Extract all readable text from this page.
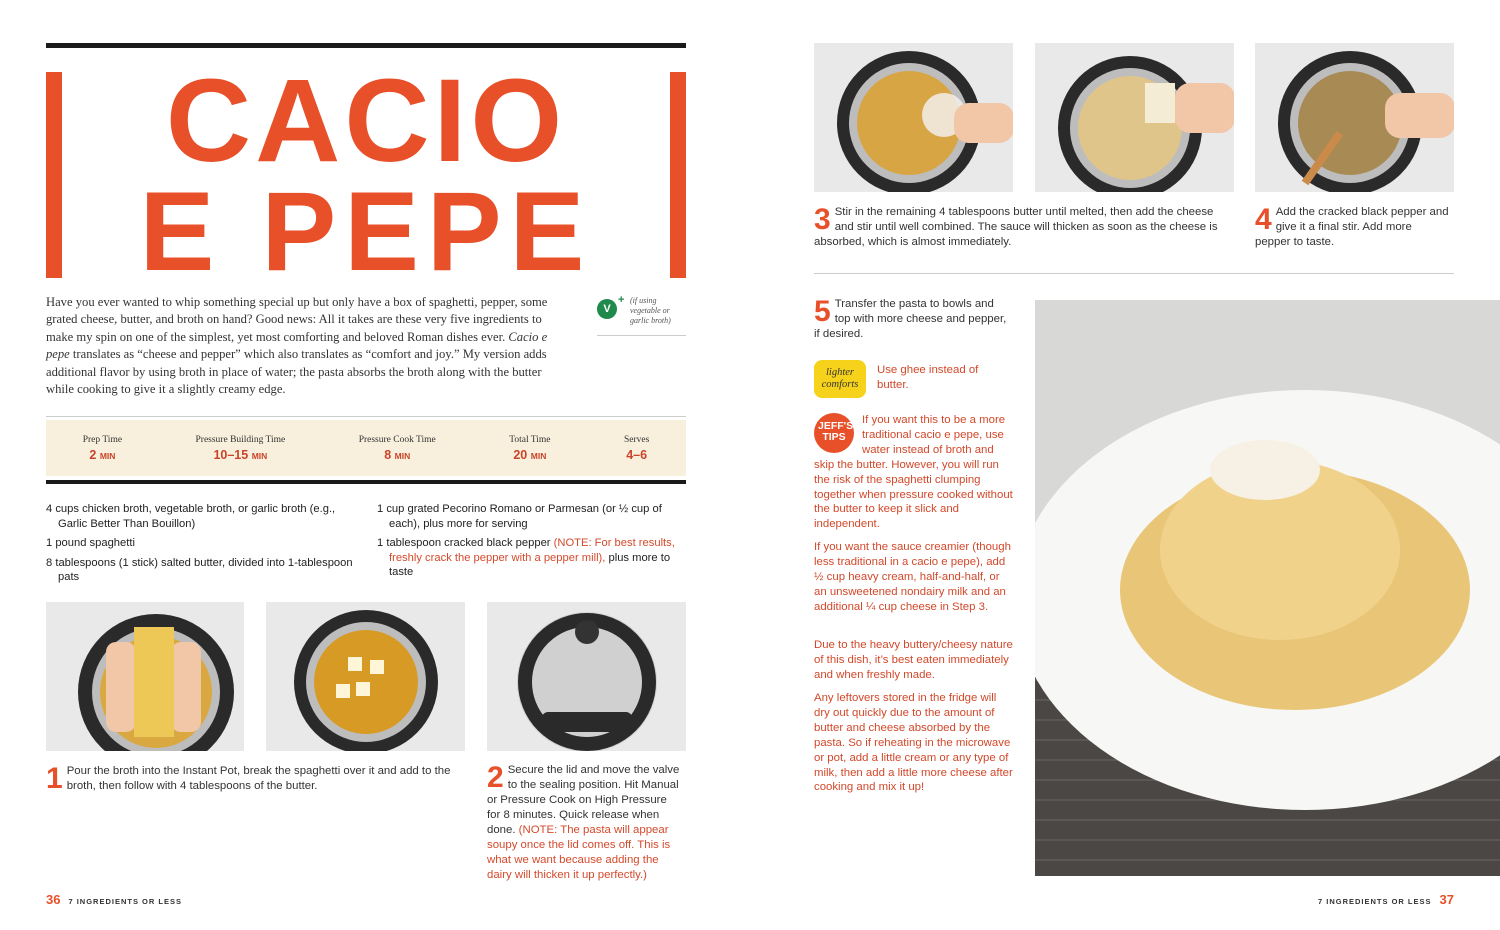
CACIO
E PEPE

Have you ever wanted to whip something special up but only have a box of spaghetti, pepper, some grated cheese, butter, and broth on hand? Good news: All it takes are these very five ingredients to make my spin on one of the simplest, yet most comforting and beloved Roman dishes ever. Cacio e pepe translates as “cheese and pepper” which also translates as “comfort and joy.” My version adds additional flavor by using broth in place of water; the pasta absorbs the broth along with the butter while cooking to give it a slightly creamy edge.

V
+ (if using vegetable or garlic broth)
Prep Time
2 MIN
Pressure Building Time
10–15 MIN
Pressure Cook Time
8 MIN
Total Time
20 MIN
Serves
4–6
4 cups chicken broth, vegetable broth, or garlic broth (e.g., Garlic Better Than Bouillon)
1 pound spaghetti
8 tablespoons (1 stick) salted butter, divided into 1-tablespoon pats
1 cup grated Pecorino Romano or Parmesan (or ½ cup of each), plus more for serving
1 tablespoon cracked black pepper (NOTE: For best results, freshly crack the pepper with a pepper mill), plus more to taste
1 Pour the broth into the Instant Pot, break the spaghetti over it and add to the broth, then follow with 4 tablespoons of the butter.	2 Secure the lid and move the valve to the sealing position. Hit Manual or Pressure Cook on High Pressure for 8 minutes. Quick release when done. (NOTE: The pasta will appear soupy once the lid comes off. This is what we want because adding the dairy will thicken it up perfectly.)
36 7 INGREDIENTS OR LESS
3 Stir in the remaining 4 tablespoons butter until melted, then add the cheese and stir until well combined. The sauce will thicken as soon as the cheese is absorbed, which is almost immediately.
4 Add the cracked black pepper and give it a final stir. Add more pepper to taste.
5 Transfer the pasta to bowls and top with more cheese and pepper, if desired.
lighter comforts
Use ghee instead of butter.
JEFF'S TIPS
If you want this to be a more traditional cacio e pepe, use water instead of broth and skip the butter. However, you will run the risk of the spaghetti clumping together when pressure cooked without the butter to keep it slick and independent.
If you want the sauce creamier (though less traditional in a cacio e pepe), add ½ cup heavy cream, half-and-half, or an unsweetened nondairy milk and an additional ¼ cup cheese in Step 3.
Due to the heavy buttery/cheesy nature of this dish, it’s best eaten immediately and when freshly made.
Any leftovers stored in the fridge will dry out quickly due to the amount of butter and cheese absorbed by the pasta. So if reheating in the microwave or pot, add a little cream or any type of milk, then add a little more cheese after cooking and mix it up!
7 INGREDIENTS OR LESS 37
